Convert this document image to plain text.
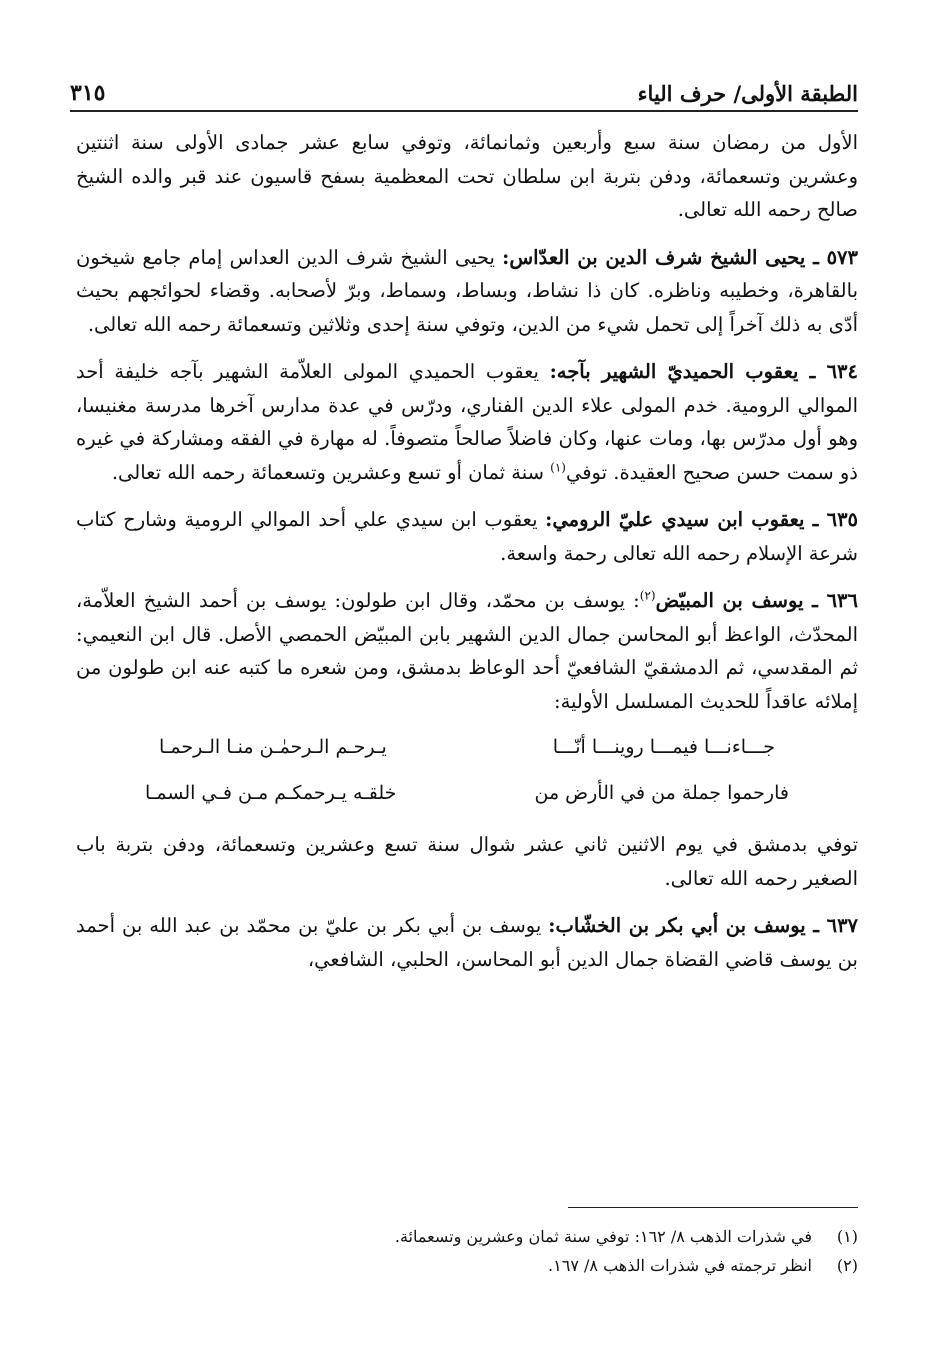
الطبقة الأولى/ حرف الياء
٣١٥

الأول من رمضان سنة سبع وأربعين وثمانمائة، وتوفي سابع عشر جمادى الأولى سنة اثنتين وعشرين وتسعمائة، ودفن بتربة ابن سلطان تحت المعظمية بسفح قاسيون عند قبر والده الشيخ صالح رحمه الله تعالى.

٥٧٣ ـ يحيى الشيخ شرف الدين بن العدّاس: يحيى الشيخ شرف الدين العداس إمام جامع شيخون بالقاهرة، وخطيبه وناظره. كان ذا نشاط، وبساط، وسماط، وبرّ لأصحابه. وقضاء لحوائجهم بحيث أدّى به ذلك آخراً إلى تحمل شيء من الدين، وتوفي سنة إحدى وثلاثين وتسعمائة رحمه الله تعالى.

٦٣٤ ـ يعقوب الحميديّ الشهير بآجه: يعقوب الحميدي المولى العلاّمة الشهير بآجه خليفة أحد الموالي الرومية. خدم المولى علاء الدين الفناري، ودرّس في عدة مدارس آخرها مدرسة مغنيسا، وهو أول مدرّس بها، ومات عنها، وكان فاضلاً صالحاً متصوفاً. له مهارة في الفقه ومشاركة في غيره ذو سمت حسن صحيح العقيدة. توفي$^{(١)}$ سنة ثمان أو تسع وعشرين وتسعمائة رحمه الله تعالى.

٦٣٥ ـ يعقوب ابن سيدي عليّ الرومي: يعقوب ابن سيدي علي أحد الموالي الرومية وشارح كتاب شرعة الإسلام رحمه الله تعالى رحمة واسعة.

٦٣٦ ـ يوسف بن المبيّض$^{(٢)}$: يوسف بن محمّد، وقال ابن طولون: يوسف بن أحمد الشيخ العلاّمة، المحدّث، الواعظ أبو المحاسن جمال الدين الشهير بابن المبيّض الحمصي الأصل. قال ابن النعيمي: ثم المقدسي، ثم الدمشقيّ الشافعيّ أحد الوعاظ بدمشق، ومن شعره ما كتبه عنه ابن طولون من إملائه عاقداً للحديث المسلسل الأولية:

جـــاءنـــا فيمـــا روينـــا أنّـــا
يـرحـم الـرحمٰـن منـا الـرحمـا
فارحموا جملة من في الأرض من
خلقـه يـرحمكـم مـن فـي السمـا

توفي بدمشق في يوم الاثنين ثاني عشر شوال سنة تسع وعشرين وتسعمائة، ودفن بتربة باب الصغير رحمه الله تعالى.

٦٣٧ ـ يوسف بن أبي بكر بن الخشّاب: يوسف بن أبي بكر بن عليّ بن محمّد بن عبد الله بن أحمد بن يوسف قاضي القضاة جمال الدين أبو المحاسن، الحلبي، الشافعي،

(١)
في شذرات الذهب ٨/ ١٦٢: توفي سنة ثمان وعشرين وتسعمائة.
(٢)
انظر ترجمته في شذرات الذهب ٨/ ١٦٧.
